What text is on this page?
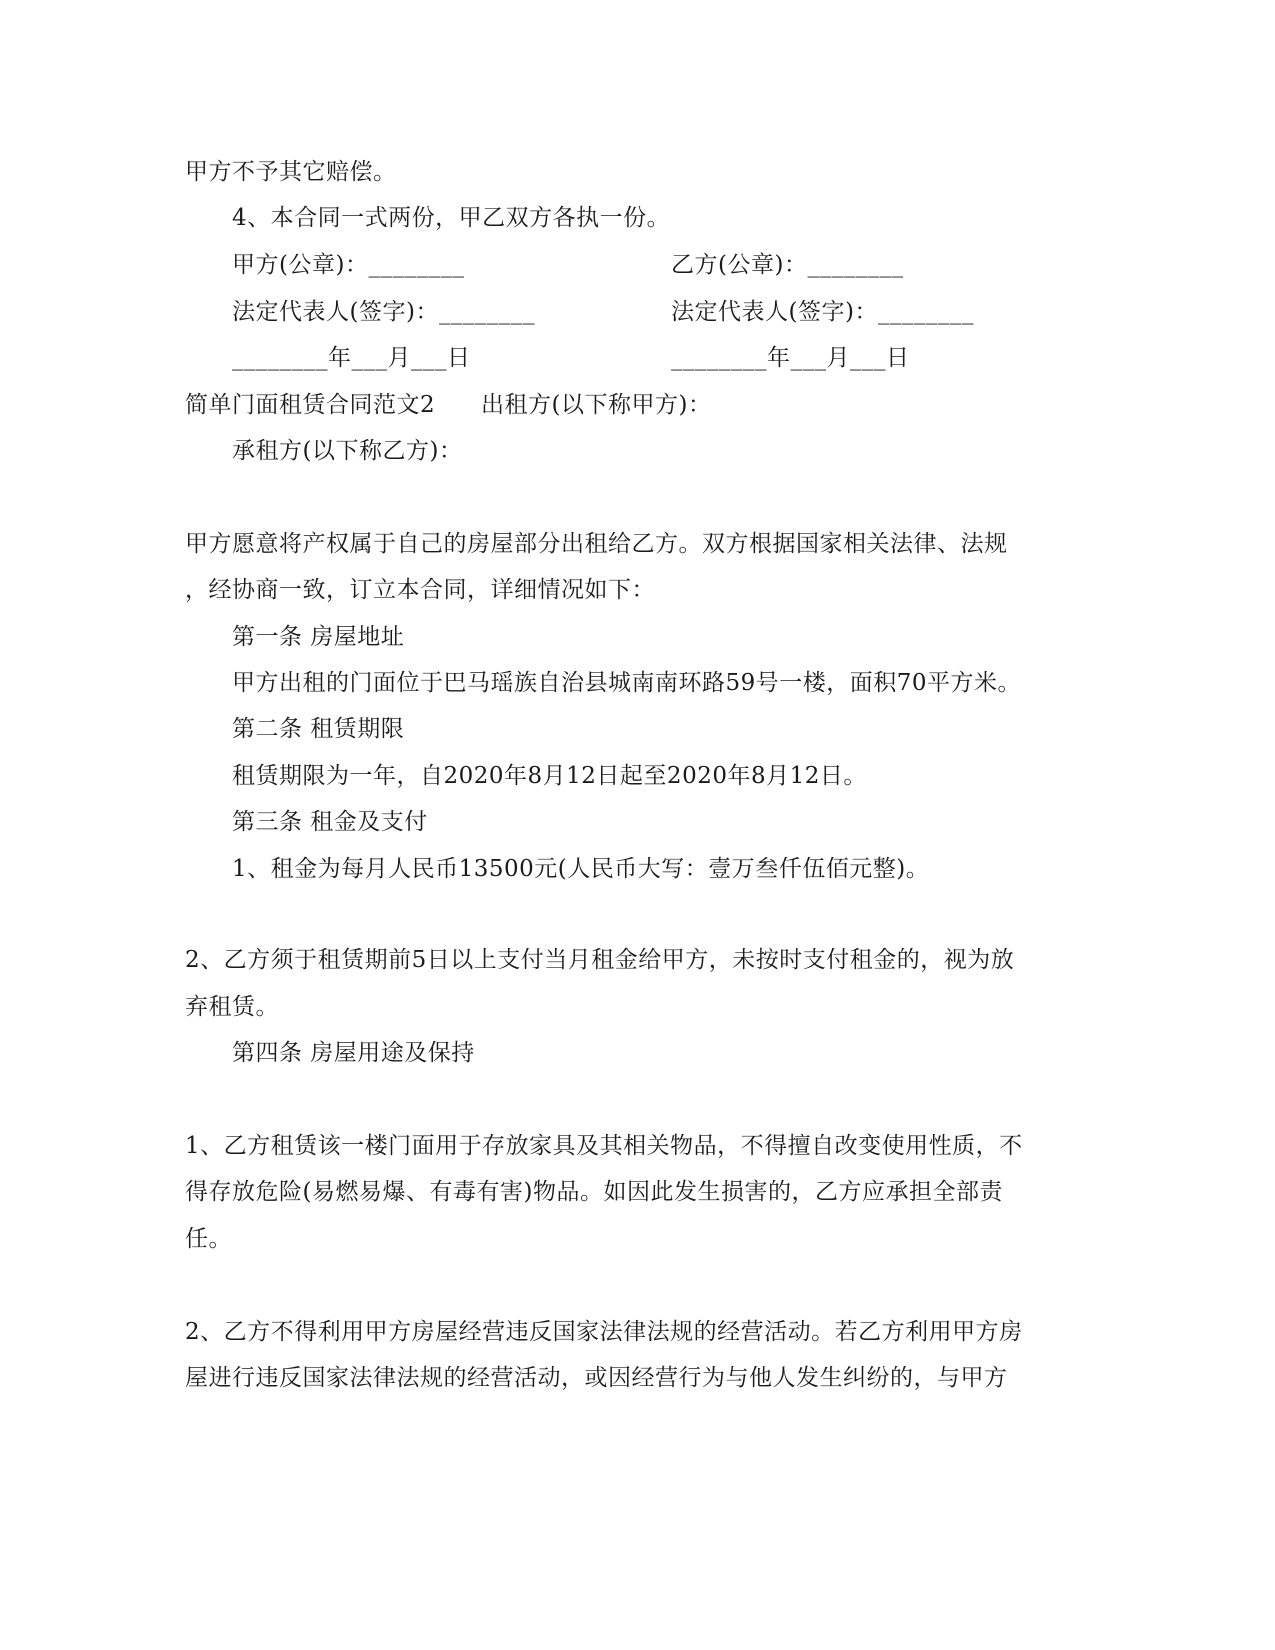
甲方不予其它赔偿。
4、本合同一式两份，甲乙双方各执一份。
甲方(公章)：________	乙方(公章)：________
法定代表人(签字)：________	法定代表人(签字)：________
________年___月___日	________年___月___日
简单门面租赁合同范文2 出租方(以下称甲方)：
承租方(以下称乙方)：
甲方愿意将产权属于自己的房屋部分出租给乙方。双方根据国家相关法律、法规
，经协商一致，订立本合同，详细情况如下：
第一条 房屋地址
甲方出租的门面位于巴马瑶族自治县城南南环路59号一楼，面积70平方米。
第二条 租赁期限
租赁期限为一年，自2020年8月12日起至2020年8月12日。
第三条 租金及支付
1、租金为每月人民币13500元(人民币大写：壹万叁仟伍佰元整)。
2、乙方须于租赁期前5日以上支付当月租金给甲方，未按时支付租金的，视为放
弃租赁。
第四条 房屋用途及保持
1、乙方租赁该一楼门面用于存放家具及其相关物品，不得擅自改变使用性质，不
得存放危险(易燃易爆、有毒有害)物品。如因此发生损害的，乙方应承担全部责
任。
2、乙方不得利用甲方房屋经营违反国家法律法规的经营活动。若乙方利用甲方房
屋进行违反国家法律法规的经营活动，或因经营行为与他人发生纠纷的，与甲方
